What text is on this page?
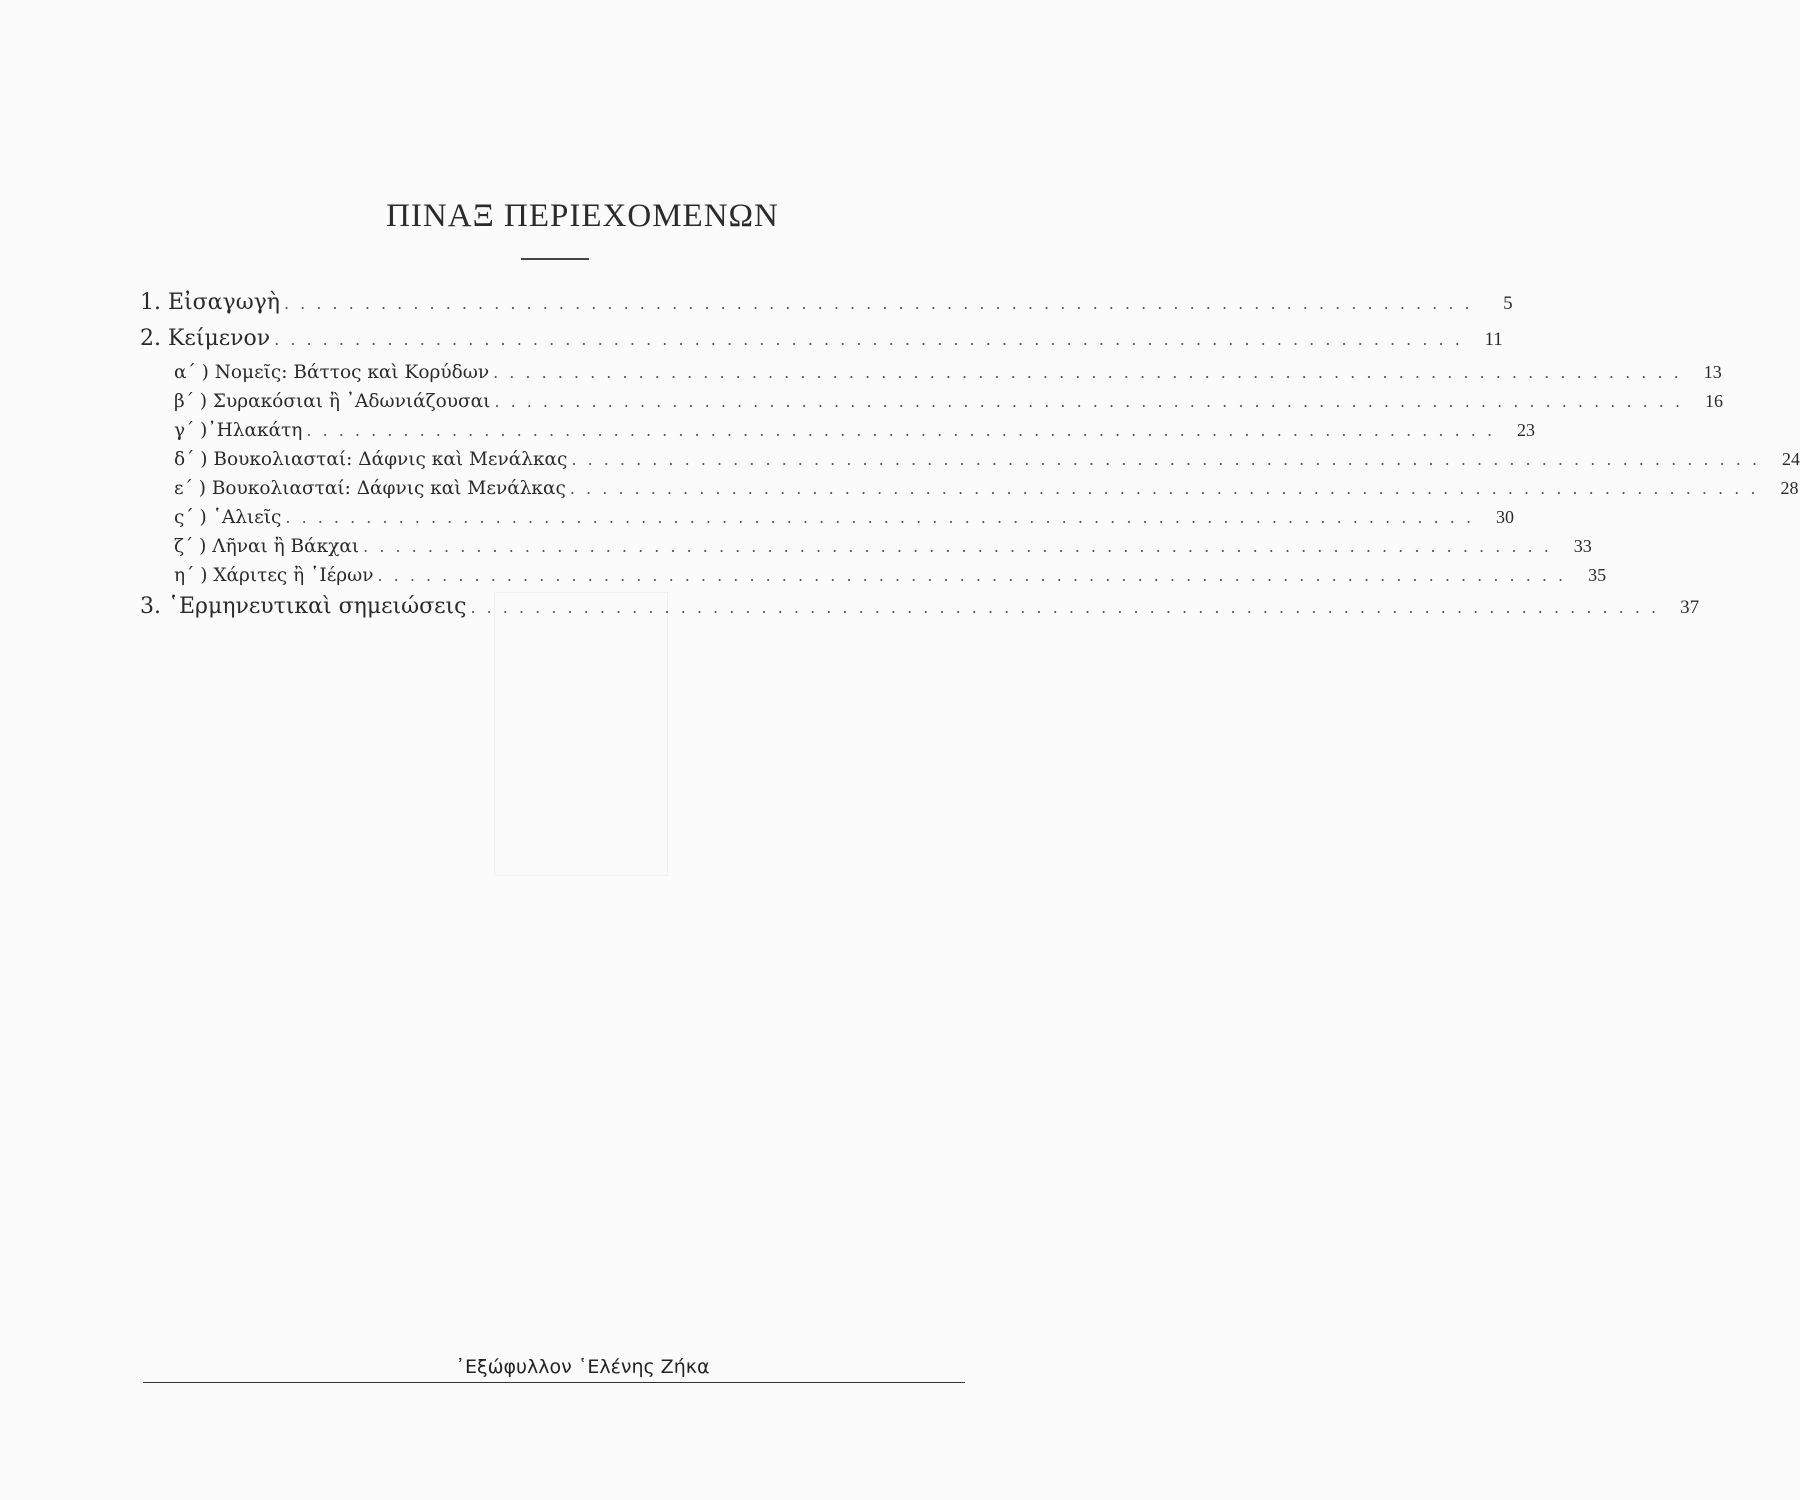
ΠΙΝΑΞ ΠΕΡΙΕΧΟΜΕΝΩΝ
1. Εἰσαγωγὴ . . . . . . . . . . . . . . . . . . . . . . . . . . . . . . . . . . . . . . . . . . . . . . . . . . . . . . . . . . . . . . . . . . . . . . . . . .	5
2. Κείμενον . . . . . . . . . . . . . . . . . . . . . . . . . . . . . . . . . . . . . . . . . . . . . . . . . . . . . . . . . . . . . . . . . . . . . . . . . .	11
α΄ ) Νομεῖς: Βάττος καὶ Κορύδων . . . . . . . . . . . . . . . . . . . . . . . . . . . . . . . . . . . . . . . . . . . . . . . . . . . . . . . . . . . . . . . . . . . . . . . . . .	13
β΄ ) Συρακόσιαι ἢ ᾿Αδωνιάζουσαι . . . . . . . . . . . . . . . . . . . . . . . . . . . . . . . . . . . . . . . . . . . . . . . . . . . . . . . . . . . . . . . . . . . . . . . . . .	16
γ΄ )᾿Ηλακάτη . . . . . . . . . . . . . . . . . . . . . . . . . . . . . . . . . . . . . . . . . . . . . . . . . . . . . . . . . . . . . . . . . . . . . . . . . .	23
δ΄ ) Βουκολιασταί: Δάφνις καὶ Μενάλκας . . . . . . . . . . . . . . . . . . . . . . . . . . . . . . . . . . . . . . . . . . . . . . . . . . . . . . . . . . . . . . . . . . . . . . . . . .	24
ε΄ ) Βουκολιασταί: Δάφνις καὶ Μενάλκας . . . . . . . . . . . . . . . . . . . . . . . . . . . . . . . . . . . . . . . . . . . . . . . . . . . . . . . . . . . . . . . . . . . . . . . . . .	28
ς΄ ) ῾Αλιεῖς . . . . . . . . . . . . . . . . . . . . . . . . . . . . . . . . . . . . . . . . . . . . . . . . . . . . . . . . . . . . . . . . . . . . . . . . . .	30
ζ΄ ) Λῆναι ἢ Βάκχαι . . . . . . . . . . . . . . . . . . . . . . . . . . . . . . . . . . . . . . . . . . . . . . . . . . . . . . . . . . . . . . . . . . . . . . . . . .	33
η΄ ) Χάριτες ἢ ῾Ιέρων . . . . . . . . . . . . . . . . . . . . . . . . . . . . . . . . . . . . . . . . . . . . . . . . . . . . . . . . . . . . . . . . . . . . . . . . . .	35
3. ῾Ερμηνευτικαὶ σημειώσεις . . . . . . . . . . . . . . . . . . . . . . . . . . . . . . . . . . . . . . . . . . . . . . . . . . . . . . . . . . . . . . . . . . . . . . . . . .	37
᾿Εξώφυλλον ῾Ελένης Ζήκα
